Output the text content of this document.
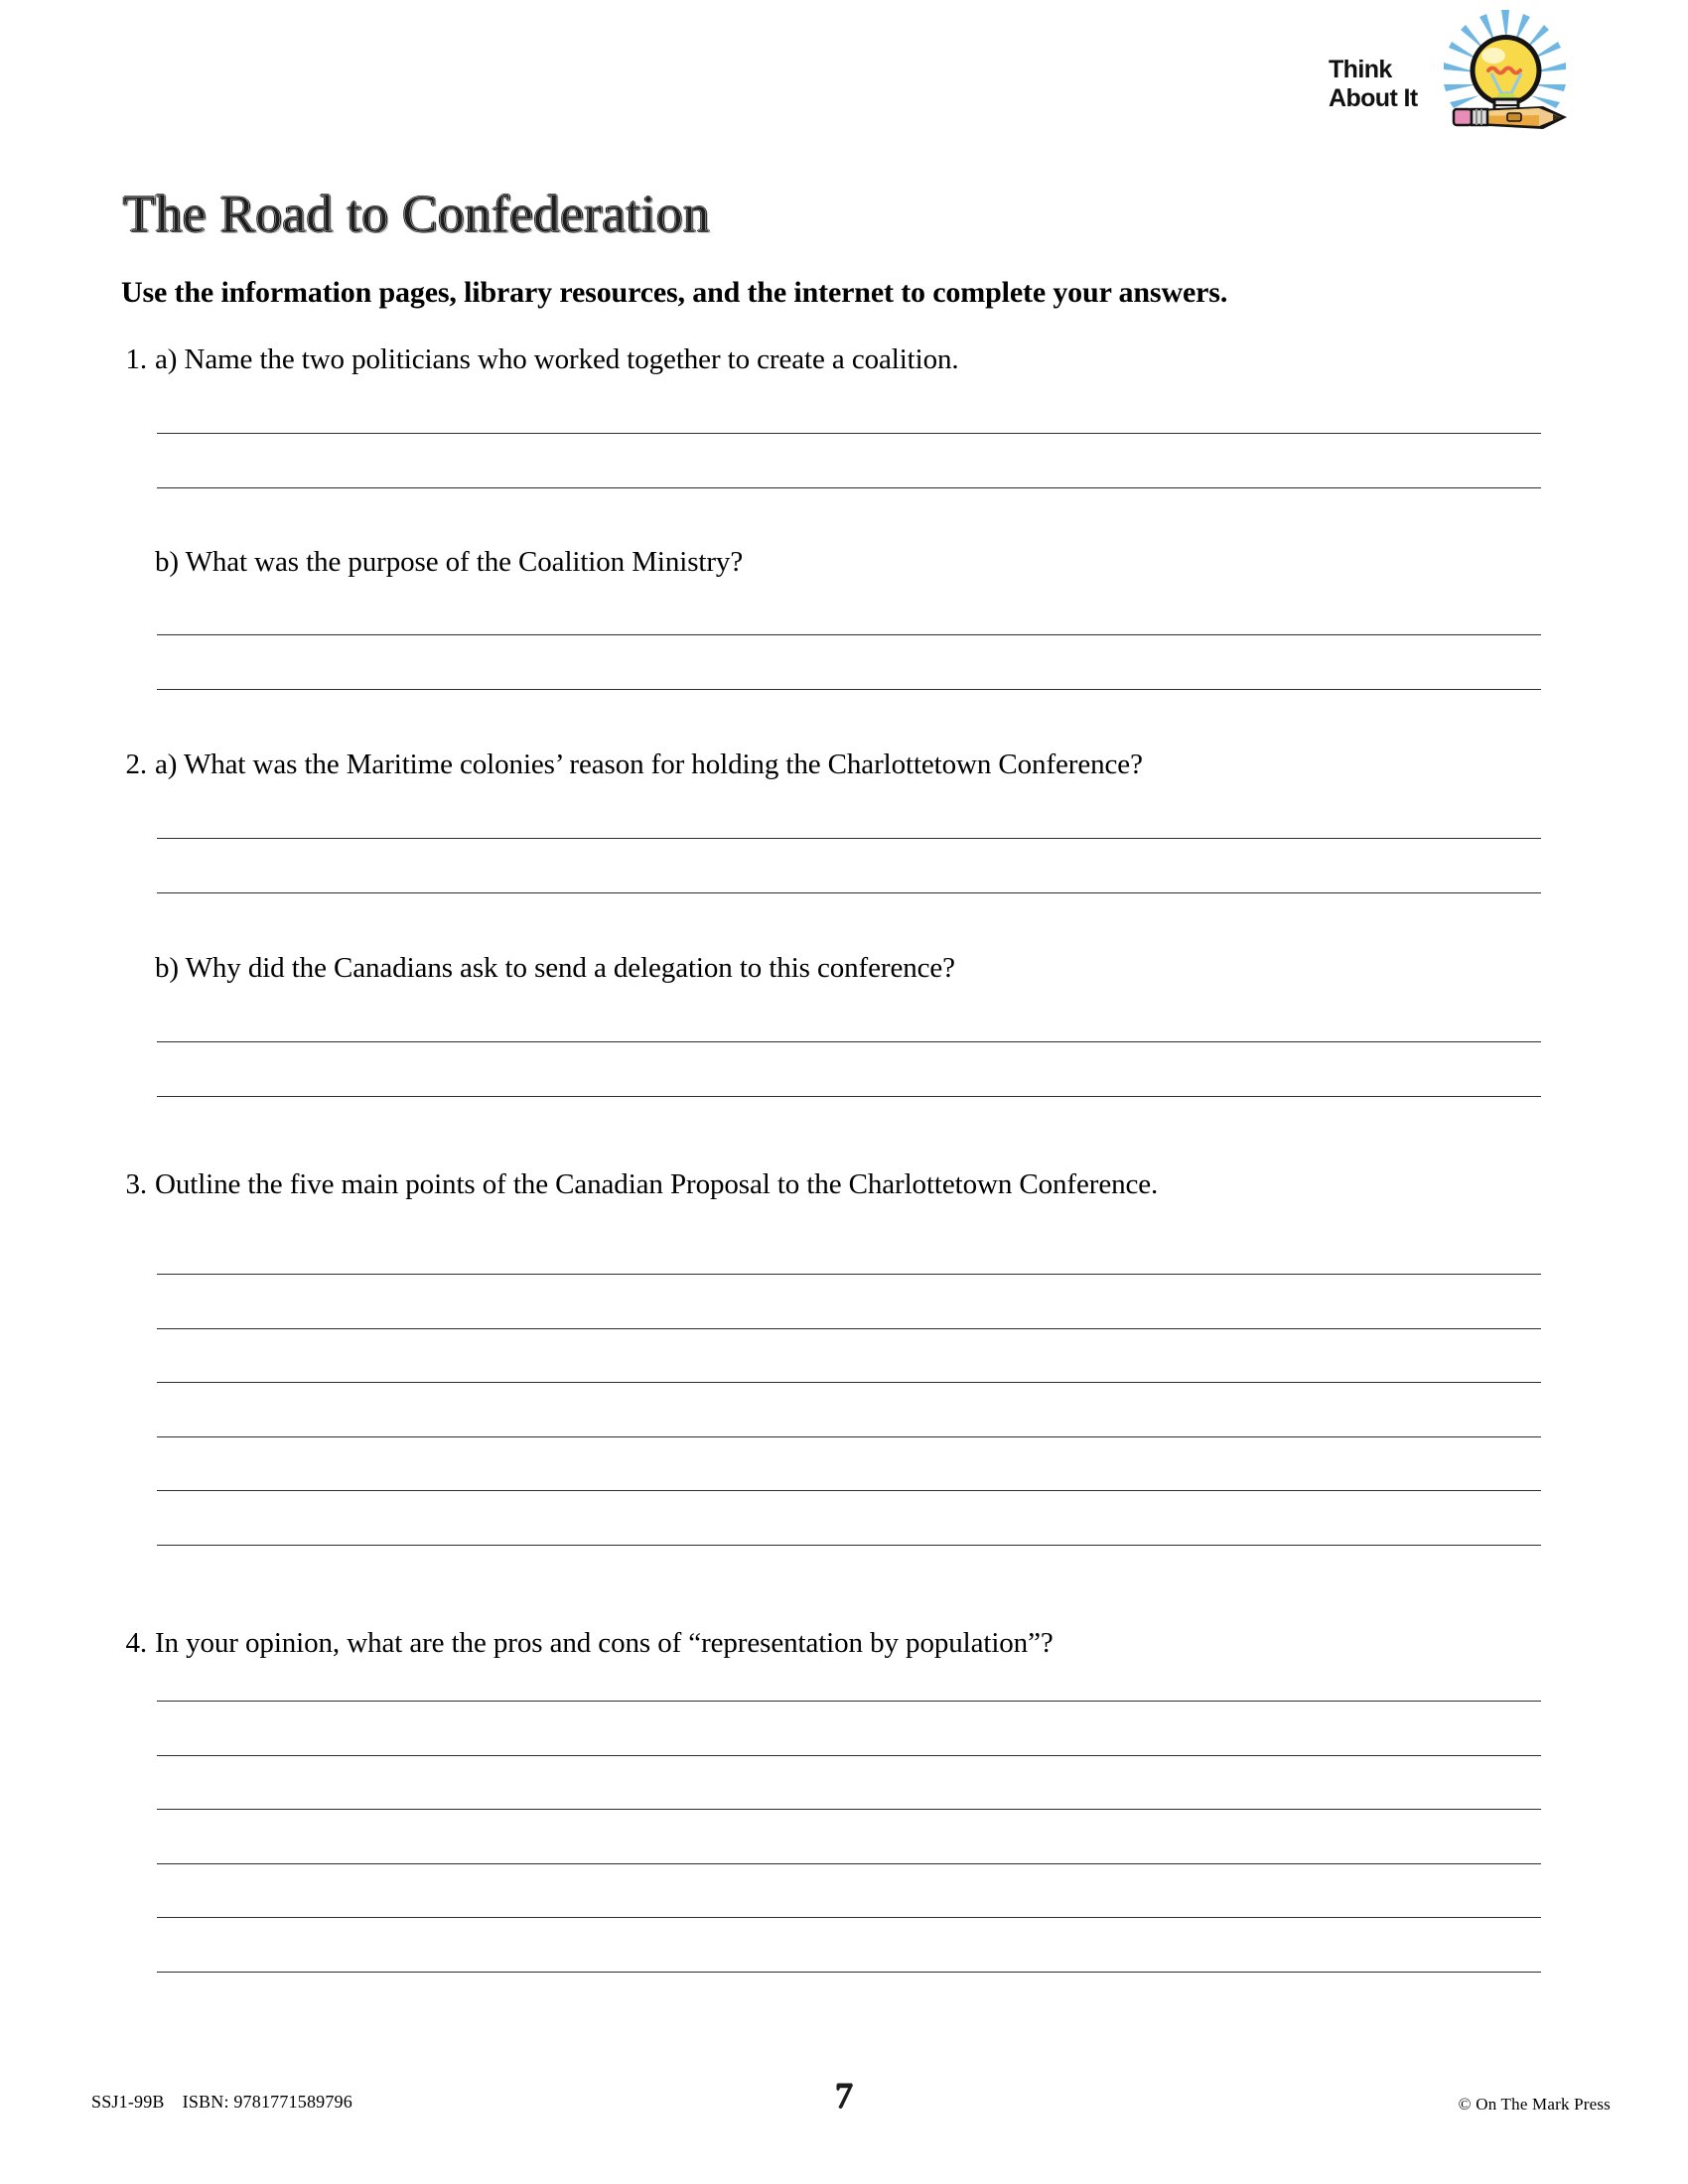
Think
About It
The Road to Confederation
Use the information pages, library resources, and the internet to complete your answers.
1. a) Name the two politicians who worked together to create a coalition.
b) What was the purpose of the Coalition Ministry?
2. a) What was the Maritime colonies’ reason for holding the Charlottetown Conference?
b) Why did the Canadians ask to send a delegation to this conference?
3. Outline the five main points of the Canadian Proposal to the Charlottetown Conference.
4. In your opinion, what are the pros and cons of “representation by population”?
SSJ1-99B ISBN: 9781771589796	7	© On The Mark Press
